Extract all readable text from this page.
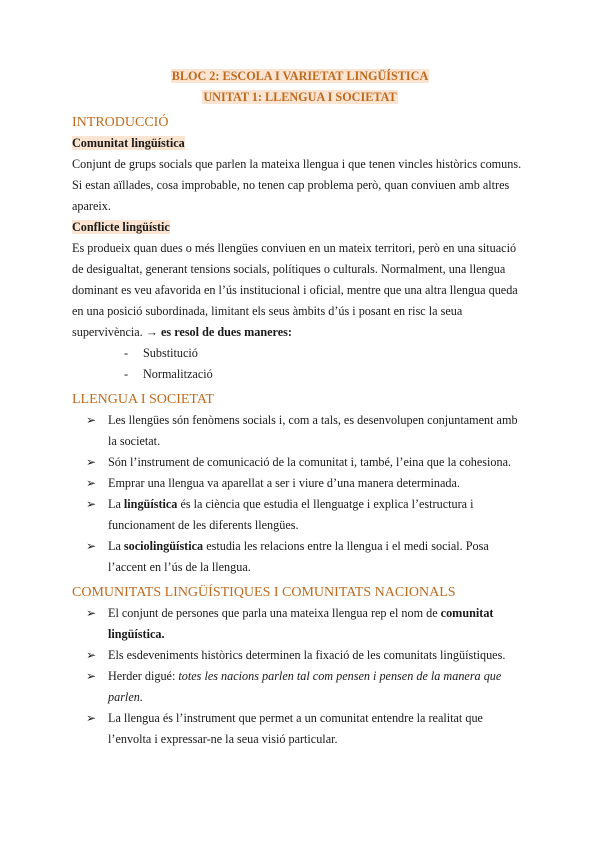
BLOC 2: ESCOLA I VARIETAT LINGÜÍSTICA

UNITAT 1: LLENGUA I SOCIETAT

INTRODUCCIÓ

Comunitat lingüística

Conjunt de grups socials que parlen la mateixa llengua i que tenen vincles històrics comuns. Si estan aïllades, cosa improbable, no tenen cap problema però, quan conviuen amb altres apareix.

Conflicte lingüístic

Es produeix quan dues o més llengües conviuen en un mateix territori, però en una situació de desigualtat, generant tensions socials, polítiques o culturals. Normalment, una llengua dominant es veu afavorida en l’ús institucional i oficial, mentre que una altra llengua queda en una posició subordinada, limitant els seus àmbits d’ús i posant en risc la seua supervivència. → es resol de dues maneres:

- Substitució
- Normalització

LLENGUA I SOCIETAT

➢ Les llengües són fenòmens socials i, com a tals, es desenvolupen conjuntament amb la societat.
➢ Són l’instrument de comunicació de la comunitat i, també, l’eina que la cohesiona.
➢ Emprar una llengua va aparellat a ser i viure d’una manera determinada.
➢ La lingüística és la ciència que estudia el llenguatge i explica l’estructura i funcionament de les diferents llengües.
➢ La sociolingüística estudia les relacions entre la llengua i el medi social. Posa l’accent en l’ús de la llengua.

COMUNITATS LINGÜÍSTIQUES I COMUNITATS NACIONALS

➢ El conjunt de persones que parla una mateixa llengua rep el nom de comunitat lingüística.
➢ Els esdeveniments històrics determinen la fixació de les comunitats lingüístiques.
➢ Herder digué: totes les nacions parlen tal com pensen i pensen de la manera que parlen.
➢ La llengua és l’instrument que permet a un comunitat entendre la realitat que l’envolta i expressar-ne la seua visió particular.
